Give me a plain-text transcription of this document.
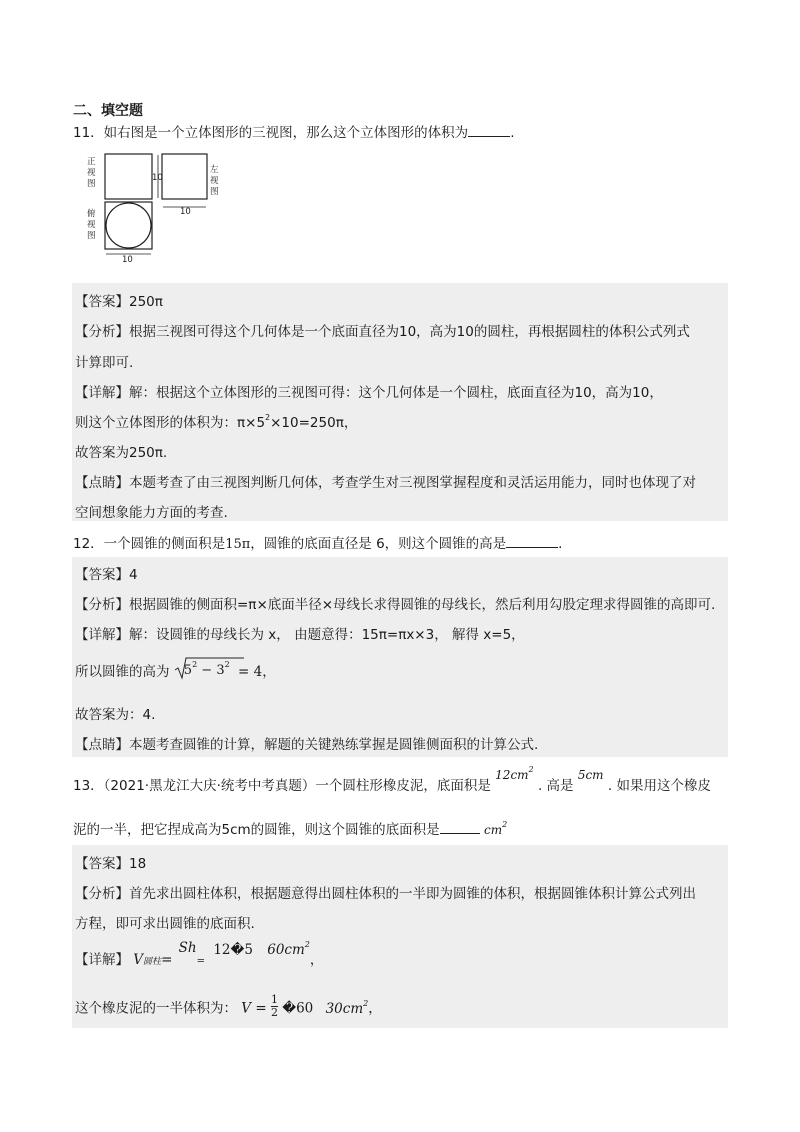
二、填空题
11．如右图是一个立体图形的三视图，那么这个立体图形的体积为	.
正
视
图
10
左
视
图
10
俯
视
图
10
【答案】250π
【分析】根据三视图可得这个几何体是一个底面直径为10，高为10的圆柱，再根据圆柱的体积公式列式
计算即可.
【详解】解：根据这个立体图形的三视图可得：这个几何体是一个圆柱，底面直径为10，高为10，
则这个立体图形的体积为：$\pi\times 5^2\times 10=250\pi$，
故答案为250π.
【点睛】本题考查了由三视图判断几何体，考查学生对三视图掌握程度和灵活运用能力，同时也体现了对
空间想象能力方面的考查.
12．一个圆锥的侧面积是15π，圆锥的底面直径是 6，则这个圆锥的高是	.
【答案】4
【分析】根据圆锥的侧面积=π×底面半径×母线长求得圆锥的母线长，然后利用勾股定理求得圆锥的高即可.
【详解】解：设圆锥的母线长为 x， 由题意得：15π=πx×3， 解得 x=5，
所以圆锥的高为 $5^2 - 3^2 = 4$，
故答案为：4.
【点睛】本题考查圆锥的计算，解题的关键熟练掌握是圆锥侧面积的计算公式.
13．（2021·黑龙江大庆·统考中考真题）一个圆柱形橡皮泥，底面积是 $12cm^2$ . 高是 5cm . 如果用这个橡皮
泥的一半，把它捏成高为5cm的圆锥，则这个圆锥的底面积是	$cm^2$
【答案】18
【分析】首先求出圆柱体积，根据题意得出圆柱体积的一半即为圆锥的体积，根据圆锥体积计算公式列出
方程，即可求出圆锥的底面积.
【详解】 V圆柱= Sh= 12�5 $60cm^2$，
这个橡皮泥的一半体积为： $V = \frac{1}{2}$ �60 $30cm^2$，
